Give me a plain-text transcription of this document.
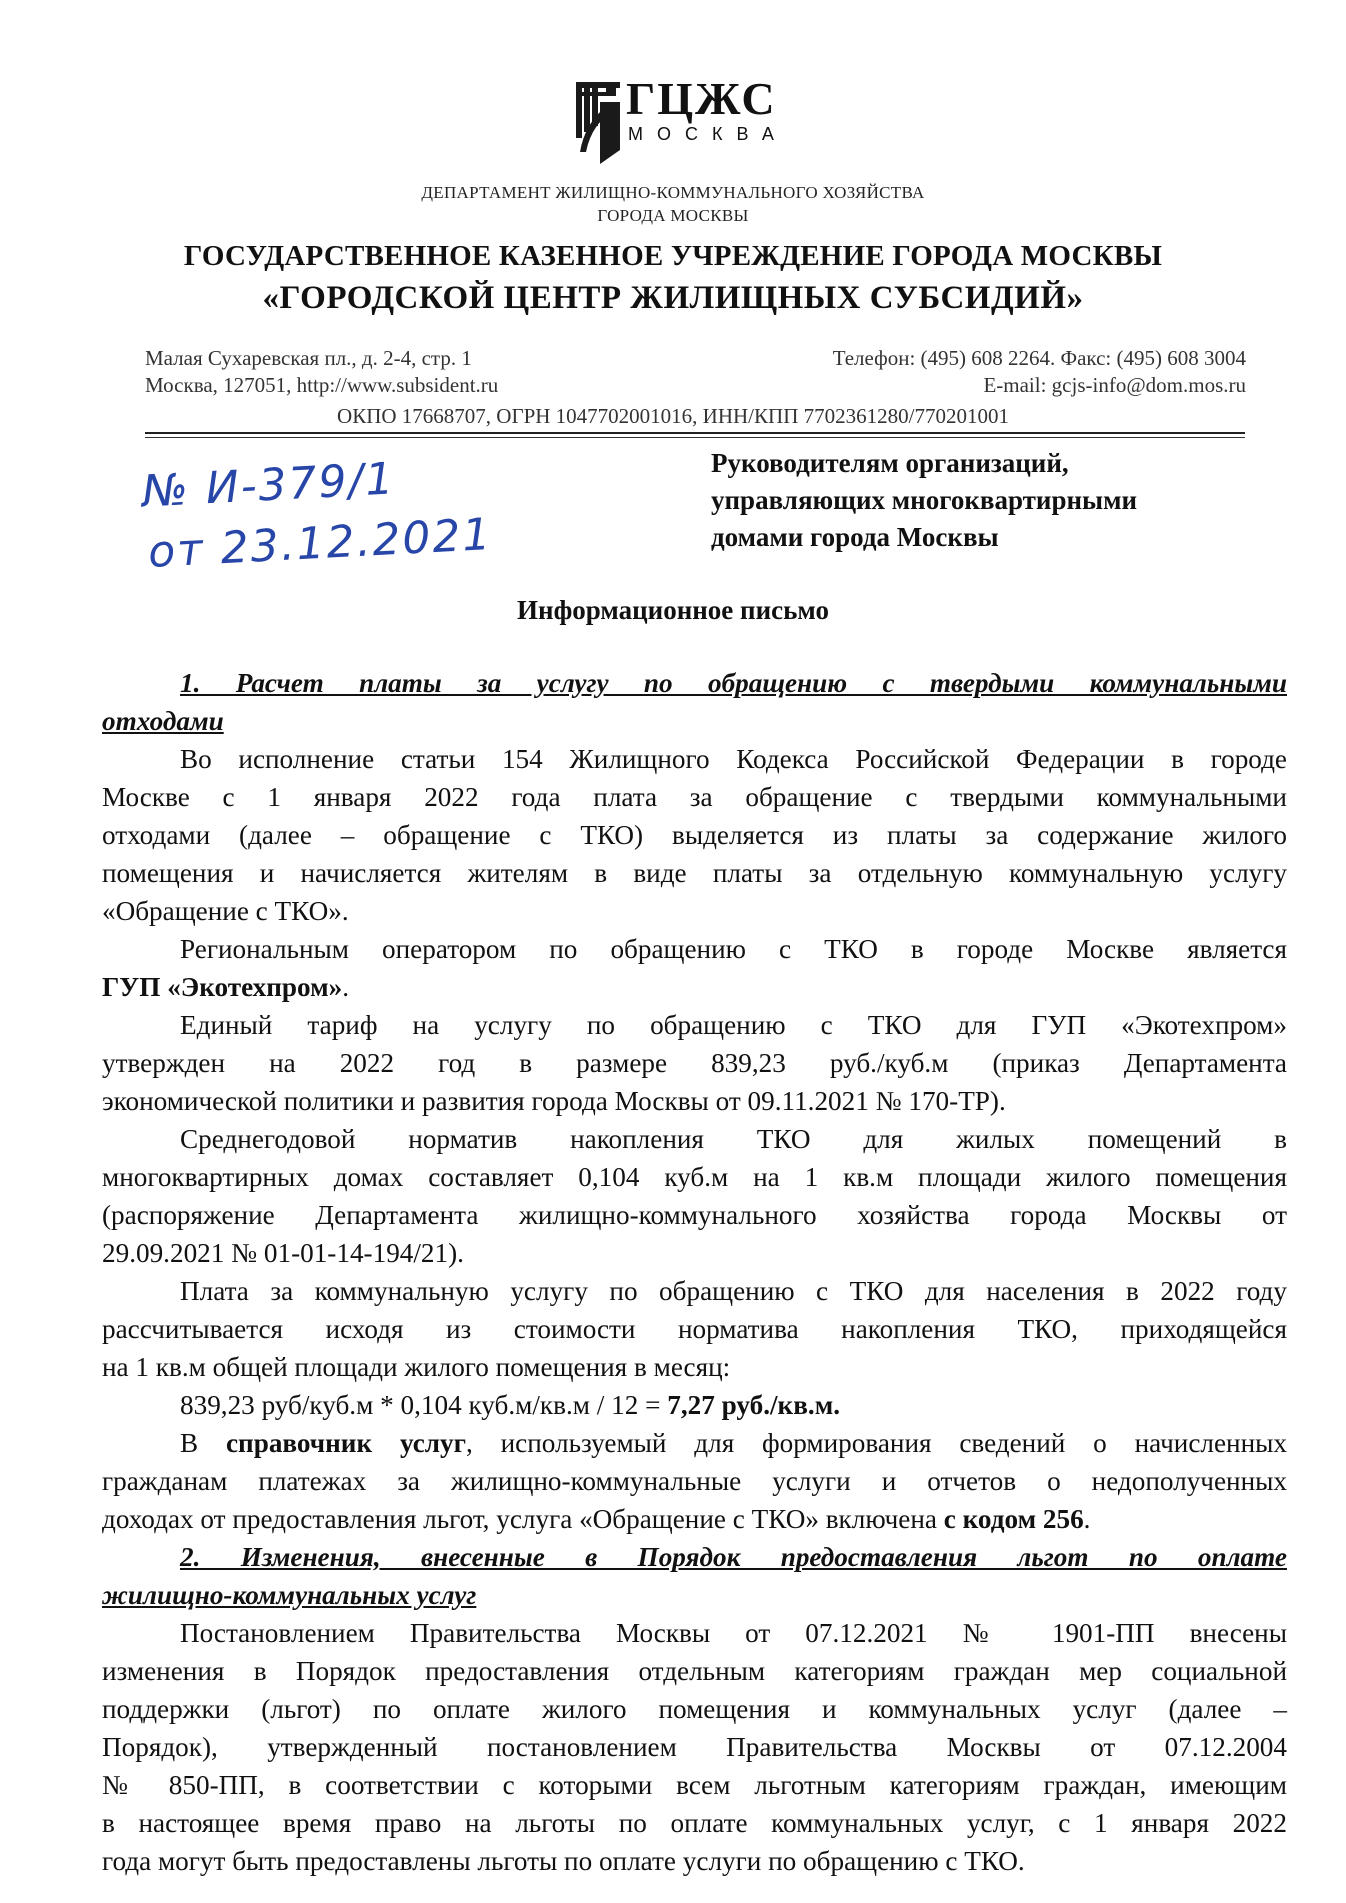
ГЦЖС
МОСКВА
ДЕПАРТАМЕНТ ЖИЛИЩНО-КОММУНАЛЬНОГО ХОЗЯЙСТВА
ГОРОДА МОСКВЫ
ГОСУДАРСТВЕННОЕ КАЗЕННОЕ УЧРЕЖДЕНИЕ ГОРОДА МОСКВЫ
«ГОРОДСКОЙ ЦЕНТР ЖИЛИЩНЫХ СУБСИДИЙ»
Малая Сухаревская пл., д. 2-4, стр. 1
Москва, 127051, http://www.subsident.ru
Телефон: (495) 608 2264. Факс: (495) 608 3004
E-mail: gcjs-info@dom.mos.ru
ОКПО 17668707, ОГРН 1047702001016, ИНН/КПП 7702361280/770201001
№ И-379/1
от 23.12.2021
Руководителям организаций,
управляющих многоквартирными
домами города Москвы
Информационное письмо
1. Расчет платы за услугу по обращению с твердыми коммунальными
отходами
Во исполнение статьи 154 Жилищного Кодекса Российской Федерации в городе
Москве с 1 января 2022 года плата за обращение с твердыми коммунальными
отходами (далее – обращение с ТКО) выделяется из платы за содержание жилого
помещения и начисляется жителям в виде платы за отдельную коммунальную услугу
«Обращение с ТКО».
Региональным оператором по обращению с ТКО в городе Москве является
ГУП «Экотехпром».
Единый тариф на услугу по обращению с ТКО для ГУП «Экотехпром»
утвержден на 2022 год в размере 839,23 руб./куб.м (приказ Департамента
экономической политики и развития города Москвы от 09.11.2021 № 170-ТР).
Среднегодовой норматив накопления ТКО для жилых помещений в
многоквартирных домах составляет 0,104 куб.м на 1 кв.м площади жилого помещения
(распоряжение Департамента жилищно-коммунального хозяйства города Москвы от
29.09.2021 № 01-01-14-194/21).
Плата за коммунальную услугу по обращению с ТКО для населения в 2022 году
рассчитывается исходя из стоимости норматива накопления ТКО, приходящейся
на 1 кв.м общей площади жилого помещения в месяц:
839,23 руб/куб.м * 0,104 куб.м/кв.м / 12 = 7,27 руб./кв.м.
В справочник услуг, используемый для формирования сведений о начисленных
гражданам платежах за жилищно-коммунальные услуги и отчетов о недополученных
доходах от предоставления льгот, услуга «Обращение с ТКО» включена с кодом 256.
2. Изменения, внесенные в Порядок предоставления льгот по оплате
жилищно-коммунальных услуг
Постановлением Правительства Москвы от 07.12.2021 № 1901-ПП внесены
изменения в Порядок предоставления отдельным категориям граждан мер социальной
поддержки (льгот) по оплате жилого помещения и коммунальных услуг (далее –
Порядок), утвержденный постановлением Правительства Москвы от 07.12.2004
№ 850-ПП, в соответствии с которыми всем льготным категориям граждан, имеющим
в настоящее время право на льготы по оплате коммунальных услуг, с 1 января 2022
года могут быть предоставлены льготы по оплате услуги по обращению с ТКО.
